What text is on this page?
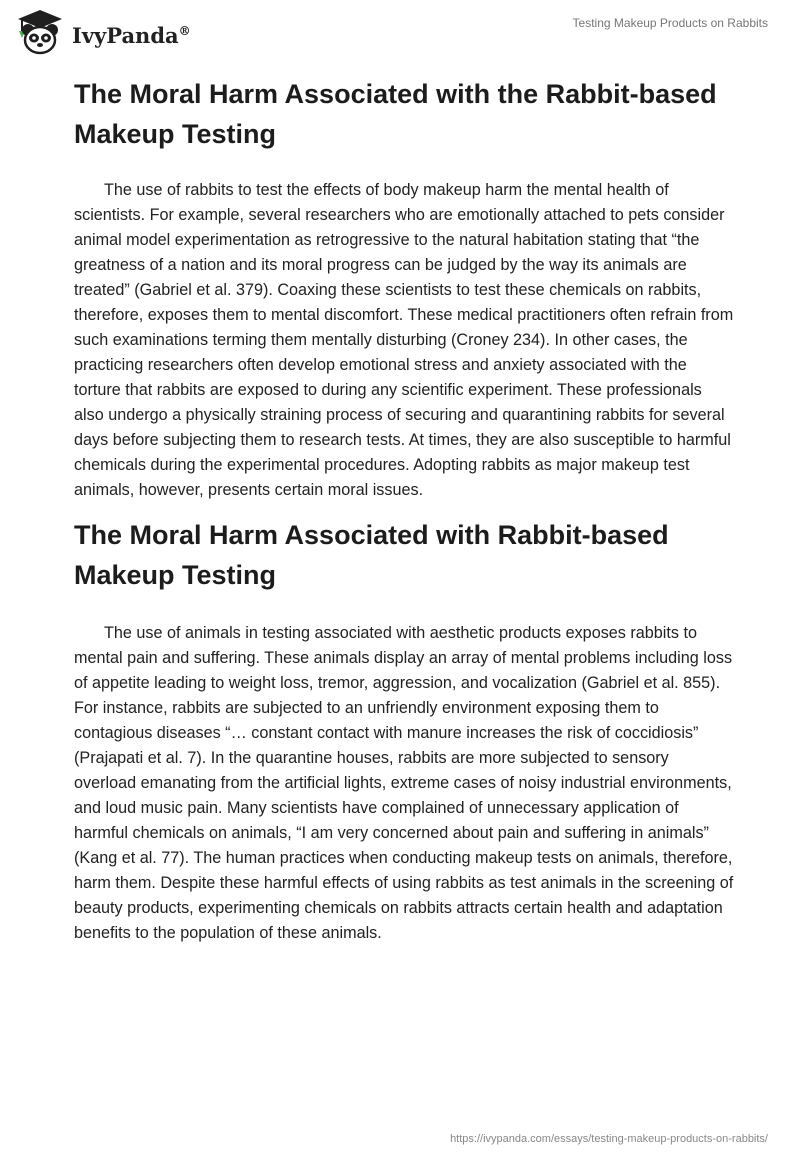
IvyPanda®
Testing Makeup Products on Rabbits
The Moral Harm Associated with the Rabbit-based Makeup Testing

The use of rabbits to test the effects of body makeup harm the mental health of scientists. For example, several researchers who are emotionally attached to pets consider animal model experimentation as retrogressive to the natural habitation stating that “the greatness of a nation and its moral progress can be judged by the way its animals are treated” (Gabriel et al. 379). Coaxing these scientists to test these chemicals on rabbits, therefore, exposes them to mental discomfort. These medical practitioners often refrain from such examinations terming them mentally disturbing (Croney 234). In other cases, the practicing researchers often develop emotional stress and anxiety associated with the torture that rabbits are exposed to during any scientific experiment. These professionals also undergo a physically straining process of securing and quarantining rabbits for several days before subjecting them to research tests. At times, they are also susceptible to harmful chemicals during the experimental procedures. Adopting rabbits as major makeup test animals, however, presents certain moral issues.

The Moral Harm Associated with Rabbit-based Makeup Testing

The use of animals in testing associated with aesthetic products exposes rabbits to mental pain and suffering. These animals display an array of mental problems including loss of appetite leading to weight loss, tremor, aggression, and vocalization (Gabriel et al. 855). For instance, rabbits are subjected to an unfriendly environment exposing them to contagious diseases “… constant contact with manure increases the risk of coccidiosis” (Prajapati et al. 7). In the quarantine houses, rabbits are more subjected to sensory overload emanating from the artificial lights, extreme cases of noisy industrial environments, and loud music pain. Many scientists have complained of unnecessary application of harmful chemicals on animals, “I am very concerned about pain and suffering in animals” (Kang et al. 77). The human practices when conducting makeup tests on animals, therefore, harm them. Despite these harmful effects of using rabbits as test animals in the screening of beauty products, experimenting chemicals on rabbits attracts certain health and adaptation benefits to the population of these animals.

https://ivypanda.com/essays/testing-makeup-products-on-rabbits/
